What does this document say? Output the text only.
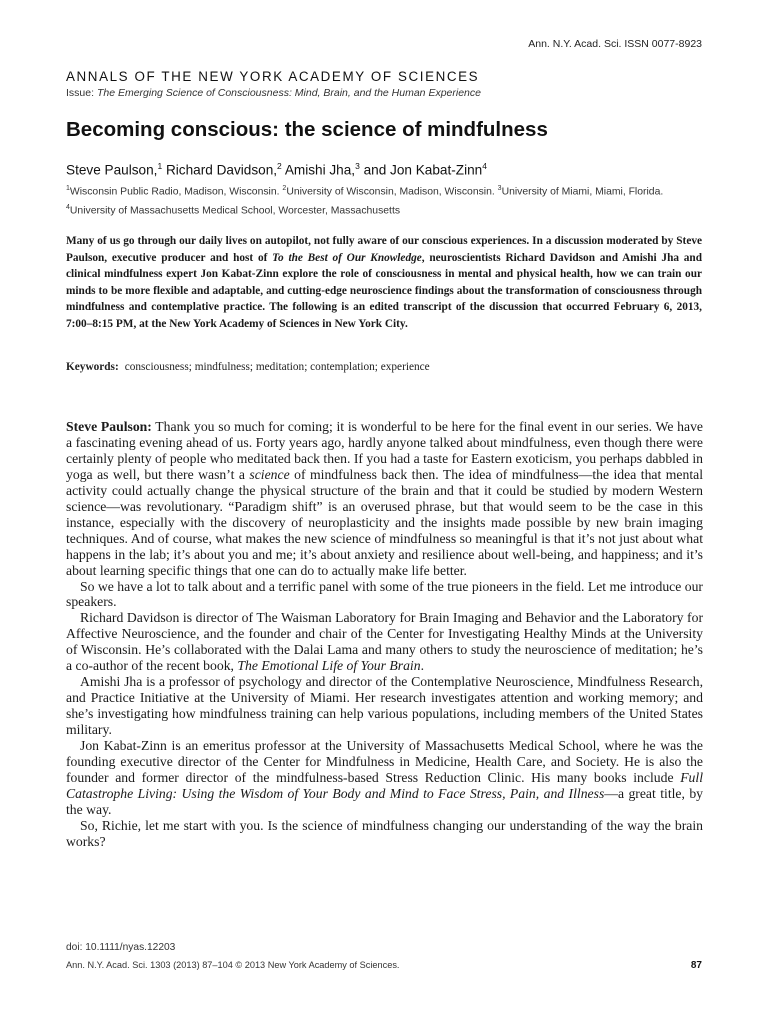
Ann. N.Y. Acad. Sci. ISSN 0077-8923
ANNALS OF THE NEW YORK ACADEMY OF SCIENCES
Issue: The Emerging Science of Consciousness: Mind, Brain, and the Human Experience
Becoming conscious: the science of mindfulness
Steve Paulson,$^1$ Richard Davidson,$^2$ Amishi Jha,$^3$ and Jon Kabat-Zinn$^4$
$^1$Wisconsin Public Radio, Madison, Wisconsin. $^2$University of Wisconsin, Madison, Wisconsin. $^3$University of Miami, Miami, Florida. $^4$University of Massachusetts Medical School, Worcester, Massachusetts

Many of us go through our daily lives on autopilot, not fully aware of our conscious experiences. In a discussion moderated by Steve Paulson, executive producer and host of To the Best of Our Knowledge, neuroscientists Richard Davidson and Amishi Jha and clinical mindfulness expert Jon Kabat-Zinn explore the role of consciousness in mental and physical health, how we can train our minds to be more flexible and adaptable, and cutting-edge neuroscience findings about the transformation of consciousness through mindfulness and contemplative practice. The following is an edited transcript of the discussion that occurred February 6, 2013, 7:00–8:15 PM, at the New York Academy of Sciences in New York City.

Keywords: consciousness; mindfulness; meditation; contemplation; experience

Steve Paulson: Thank you so much for coming; it is wonderful to be here for the final event in our series. We have a fascinating evening ahead of us. Forty years ago, hardly anyone talked about mindfulness, even though there were certainly plenty of people who meditated back then. If you had a taste for Eastern exoticism, you perhaps dabbled in yoga as well, but there wasn’t a science of mindfulness back then. The idea of mindfulness—the idea that mental activity could actually change the physical structure of the brain and that it could be studied by modern Western science—was revolutionary. “Paradigm shift” is an overused phrase, but that would seem to be the case in this instance, especially with the discovery of neuroplasticity and the insights made possible by new brain imaging techniques. And of course, what makes the new science of mindfulness so meaningful is that it’s not just about what happens in the lab; it’s about you and me; it’s about anxiety and resilience about well-being, and happiness; and it’s about learning specific things that one can do to actually make life better.

So we have a lot to talk about and a terrific panel with some of the true pioneers in the field. Let me introduce our speakers.

Richard Davidson is director of The Waisman Laboratory for Brain Imaging and Behavior and the Laboratory for Affective Neuroscience, and the founder and chair of the Center for Investigating Healthy Minds at the University of Wisconsin. He’s collaborated with the Dalai Lama and many others to study the neuroscience of meditation; he’s a co-author of the recent book, The Emotional Life of Your Brain.

Amishi Jha is a professor of psychology and director of the Contemplative Neuroscience, Mindfulness Research, and Practice Initiative at the University of Miami. Her research investigates attention and working memory; and she’s investigating how mindfulness training can help various populations, including members of the United States military.

Jon Kabat-Zinn is an emeritus professor at the University of Massachusetts Medical School, where he was the founding executive director of the Center for Mindfulness in Medicine, Health Care, and Society. He is also the founder and former director of the mindfulness-based Stress Reduction Clinic. His many books include Full Catastrophe Living: Using the Wisdom of Your Body and Mind to Face Stress, Pain, and Illness—a great title, by the way.

So, Richie, let me start with you. Is the science of mindfulness changing our understanding of the way the brain works?

doi: 10.1111/nyas.12203
Ann. N.Y. Acad. Sci. 1303 (2013) 87–104 © 2013 New York Academy of Sciences.	87
